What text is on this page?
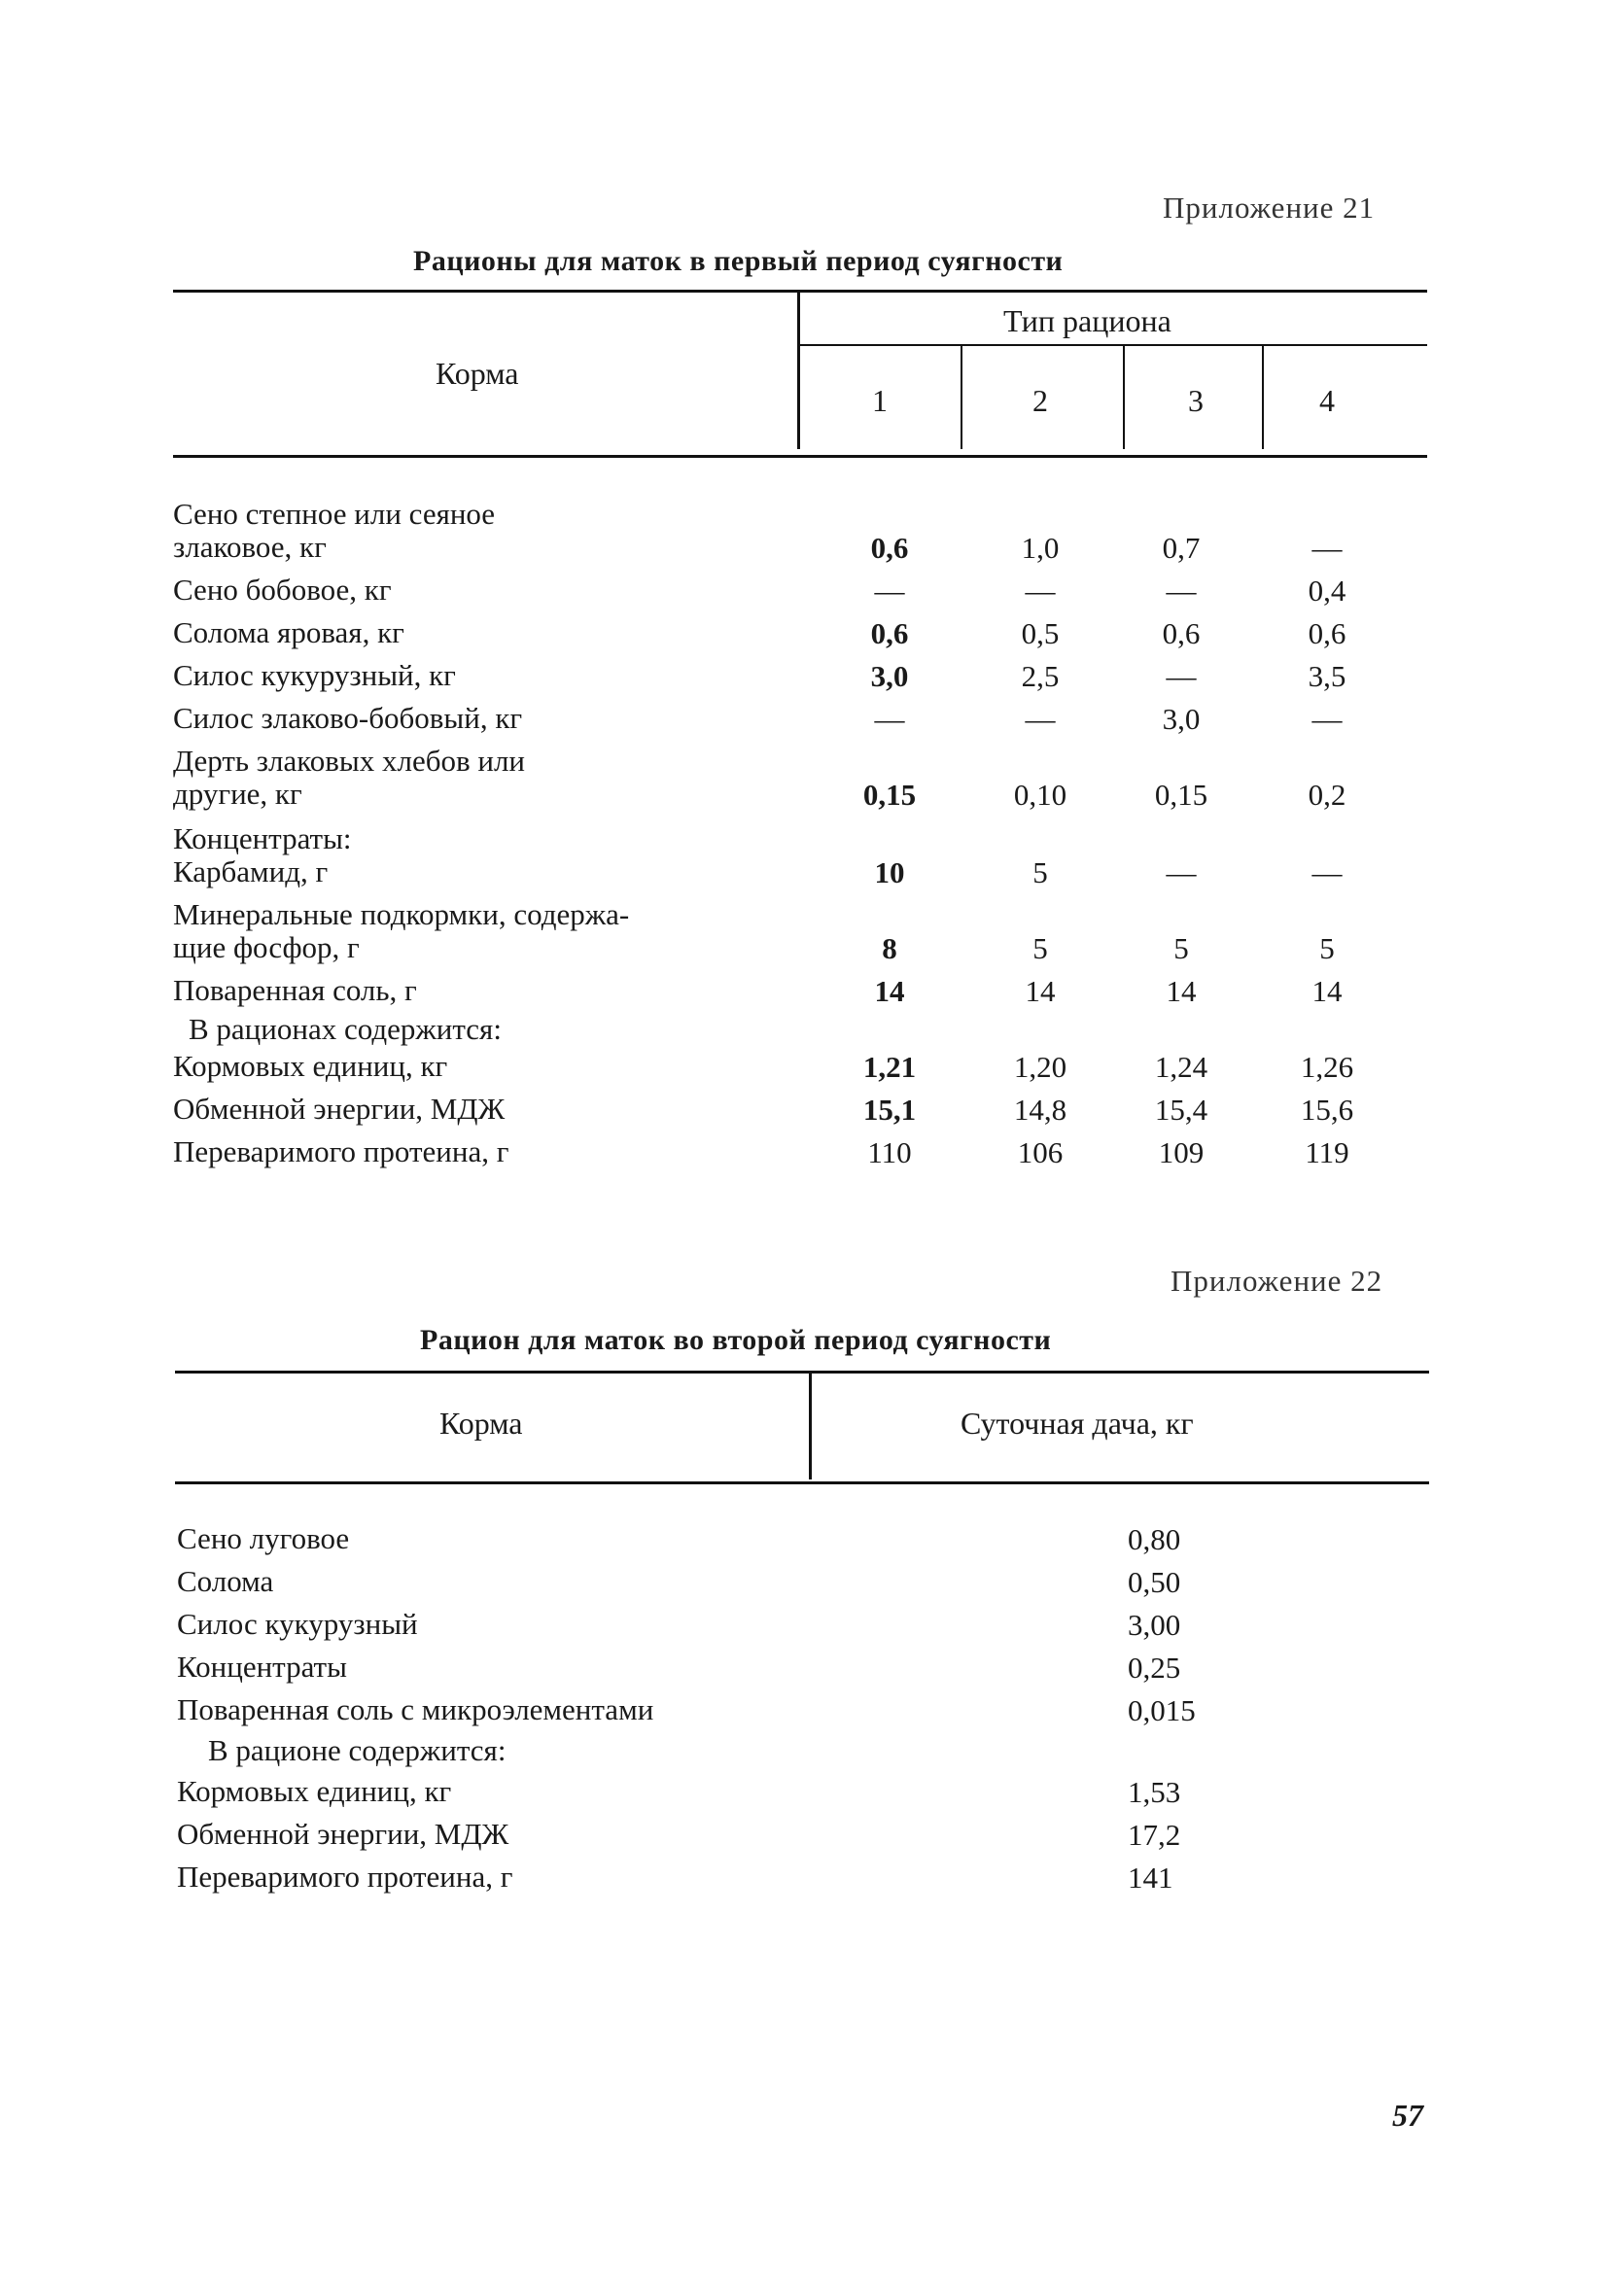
Приложение 21
Рационы для маток в первый период суягности
Корма
Тип рациона
1	2	3	4
Сено степное или сеяное
злаковое, кг	0,6	1,0	0,7	—
Сено бобовое, кг	—	—	—	0,4
Солома яровая, кг	0,6	0,5	0,6	0,6
Силос кукурузный, кг	3,0	2,5	—	3,5
Силос злаково-бобовый, кг	—	—	3,0	—
Дерть злаковых хлебов или
другие, кг	0,15	0,10	0,15	0,2
Концентраты:
Карбамид, г	10	5	—	—
Минеральные подкормки, содержа-
щие фосфор, г	8	5	5	5
Поваренная соль, г	14	14	14	14
В рационах содержится:
Кормовых единиц, кг	1,21	1,20	1,24	1,26
Обменной энергии, МДЖ	15,1	14,8	15,4	15,6
Переваримого протеина, г	110	106	109	119
Приложение 22
Рацион для маток во второй период суягности
Корма	Суточная дача, кг
Сено луговое	0,80
Солома	0,50
Силос кукурузный	3,00
Концентраты	0,25
Поваренная соль с микроэлементами	0,015
В рационе содержится:
Кормовых единиц, кг	1,53
Обменной энергии, МДЖ	17,2
Переваримого протеина, г	141
57
